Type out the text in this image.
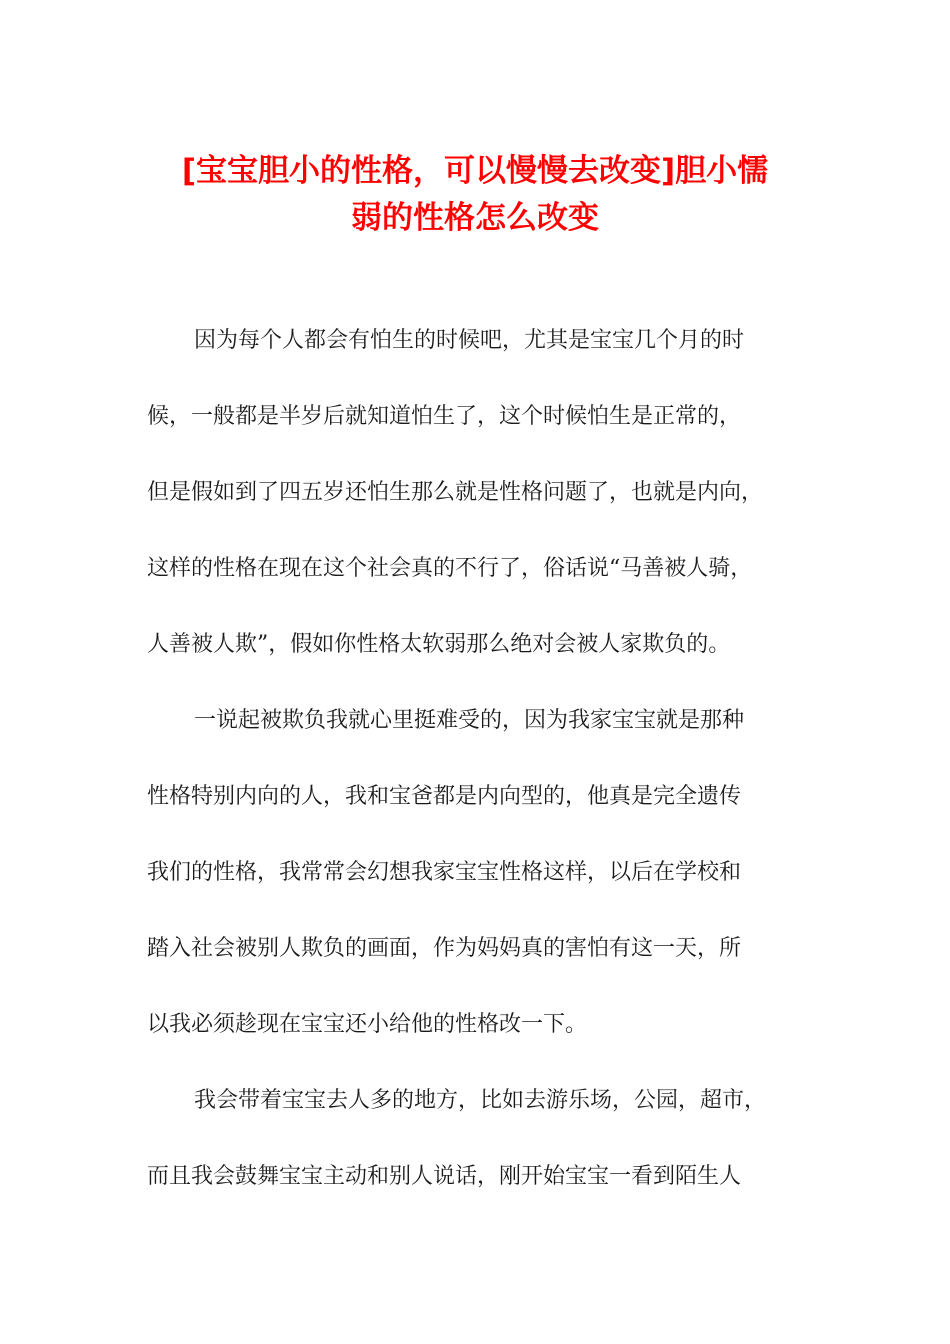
[宝宝胆小的性格，可以慢慢去改变]胆小懦
弱的性格怎么改变
因为每个人都会有怕生的时候吧，尤其是宝宝几个月的时
候，一般都是半岁后就知道怕生了，这个时候怕生是正常的，
但是假如到了四五岁还怕生那么就是性格问题了，也就是内向，
这样的性格在现在这个社会真的不行了，俗话说“马善被人骑，
人善被人欺”，假如你性格太软弱那么绝对会被人家欺负的。
一说起被欺负我就心里挺难受的，因为我家宝宝就是那种
性格特别内向的人，我和宝爸都是内向型的，他真是完全遗传
我们的性格，我常常会幻想我家宝宝性格这样，以后在学校和
踏入社会被别人欺负的画面，作为妈妈真的害怕有这一天，所
以我必须趁现在宝宝还小给他的性格改一下。
我会带着宝宝去人多的地方，比如去游乐场，公园，超市，
而且我会鼓舞宝宝主动和别人说话，刚开始宝宝一看到陌生人
